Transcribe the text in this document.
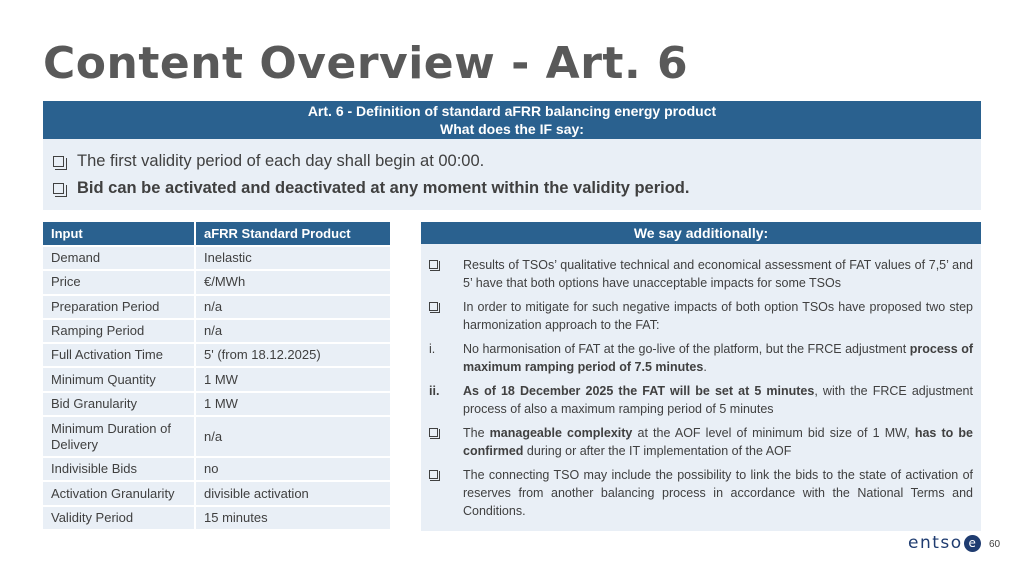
Content Overview - Art. 6
Art. 6 - Definition of standard aFRR balancing energy product
What does the IF say:
The first validity period of each day shall begin at 00:00.
Bid can be activated and deactivated at any moment within the validity period.
Input	aFRR Standard Product
Demand	Inelastic
Price	€/MWh
Preparation Period	n/a
Ramping Period	n/a
Full Activation Time	5' (from 18.12.2025)
Minimum Quantity	1 MW
Bid Granularity	1 MW
Minimum Duration of Delivery	n/a
Indivisible Bids	no
Activation Granularity	divisible activation
Validity Period	15 minutes
We say additionally:
Results of TSOs’ qualitative technical and economical assessment of FAT values of 7,5’ and 5’ have that both options have unacceptable impacts for some TSOs
In order to mitigate for such negative impacts of both option TSOs have proposed two step harmonization approach to the FAT:
i.	No harmonisation of FAT at the go-live of the platform, but the FRCE adjustment process of maximum ramping period of 7.5 minutes.
ii.	As of 18 December 2025 the FAT will be set at 5 minutes, with the FRCE adjustment process of also a maximum ramping period of 5 minutes
The manageable complexity at the AOF level of minimum bid size of 1 MW, has to be confirmed during or after the IT implementation of the AOF
The connecting TSO may include the possibility to link the bids to the state of activation of reserves from another balancing process in accordance with the National Terms and Conditions.
entso e	60
